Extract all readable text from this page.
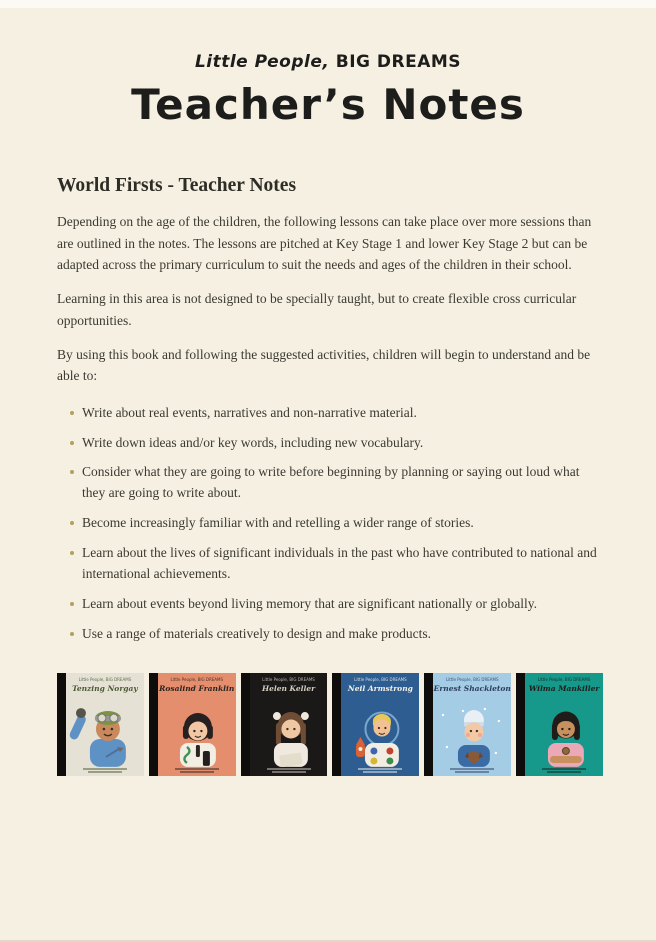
Little People, BIG DREAMS
Teacher’s Notes
World Firsts - Teacher Notes

Depending on the age of the children, the following lessons can take place over more sessions than are outlined in the notes. The lessons are pitched at Key Stage 1 and lower Key Stage 2 but can be adapted across the primary curriculum to suit the needs and ages of the children in their school.

Learning in this area is not designed to be specially taught, but to create flexible cross curricular opportunities.

By using this book and following the suggested activities, children will begin to understand and be able to:

Write about real events, narratives and non-narrative material.
Write down ideas and/or key words, including new vocabulary.
Consider what they are going to write before beginning by planning or saying out loud what they are going to write about.
Become increasingly familiar with and retelling a wider range of stories.
Learn about the lives of significant individuals in the past who have contributed to national and international achievements.
Learn about events beyond living memory that are significant nationally or globally.
Use a range of materials creatively to design and make products.
Little People, BIG DREAMS
Tenzing Norgay
Little People, BIG DREAMS
Rosalind Franklin
Little People, BIG DREAMS
Helen Keller
Little People, BIG DREAMS
Neil Armstrong
Little People, BIG DREAMS
Ernest Shackleton
Little People, BIG DREAMS
Wilma Mankiller
